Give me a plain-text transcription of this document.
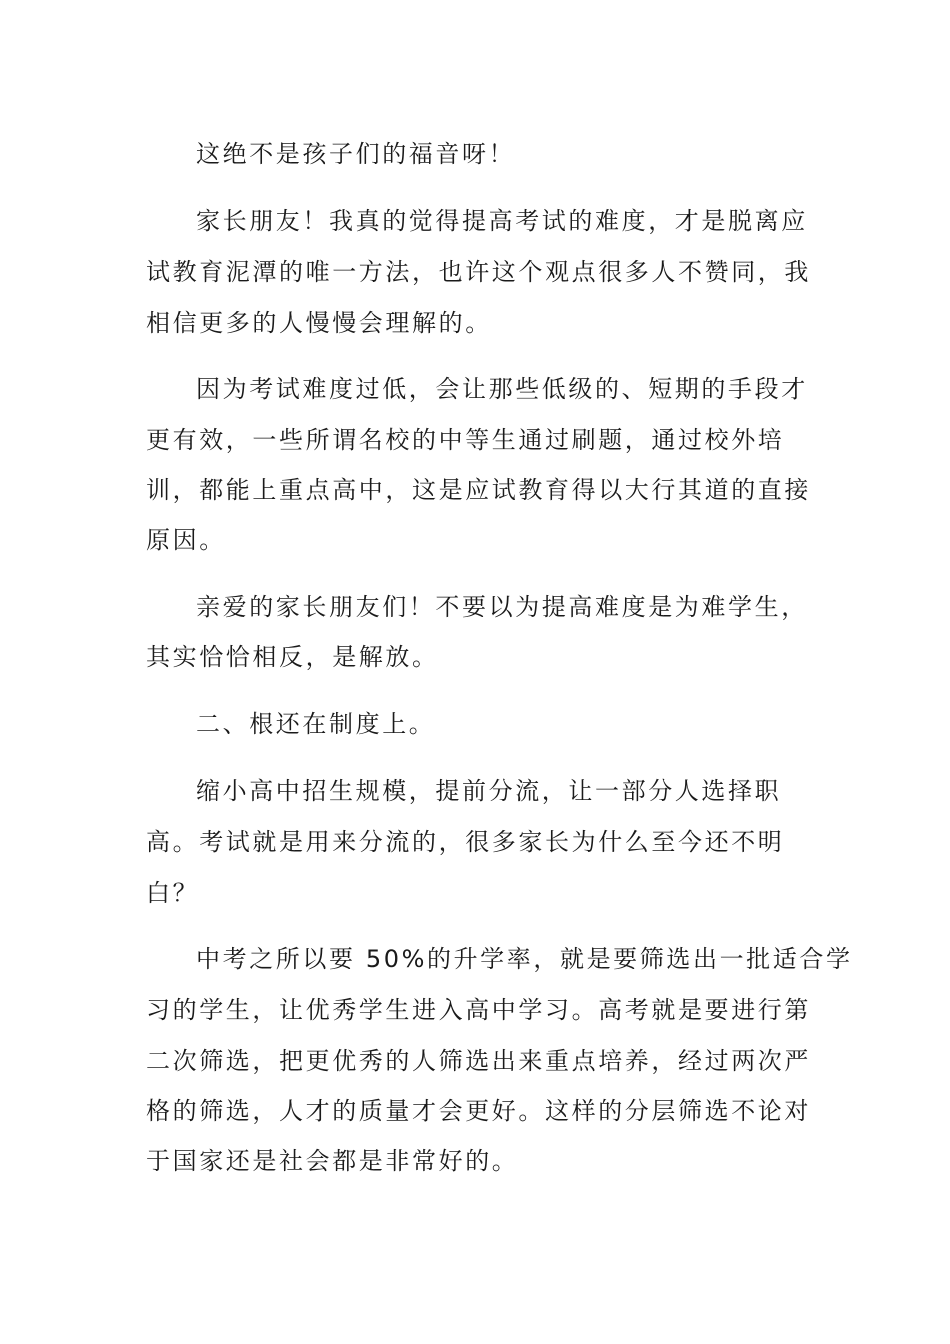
这绝不是孩子们的福音呀！
家长朋友！我真的觉得提高考试的难度，才是脱离应
试教育泥潭的唯一方法，也许这个观点很多人不赞同，我
相信更多的人慢慢会理解的。
因为考试难度过低，会让那些低级的、短期的手段才
更有效，一些所谓名校的中等生通过刷题，通过校外培
训，都能上重点高中，这是应试教育得以大行其道的直接
原因。
亲爱的家长朋友们！不要以为提高难度是为难学生，
其实恰恰相反，是解放。
二、根还在制度上。
缩小高中招生规模，提前分流，让一部分人选择职
高。考试就是用来分流的，很多家长为什么至今还不明
白？
中考之所以要 50%的升学率，就是要筛选出一批适合学
习的学生，让优秀学生进入高中学习。高考就是要进行第
二次筛选，把更优秀的人筛选出来重点培养，经过两次严
格的筛选，人才的质量才会更好。这样的分层筛选不论对
于国家还是社会都是非常好的。
